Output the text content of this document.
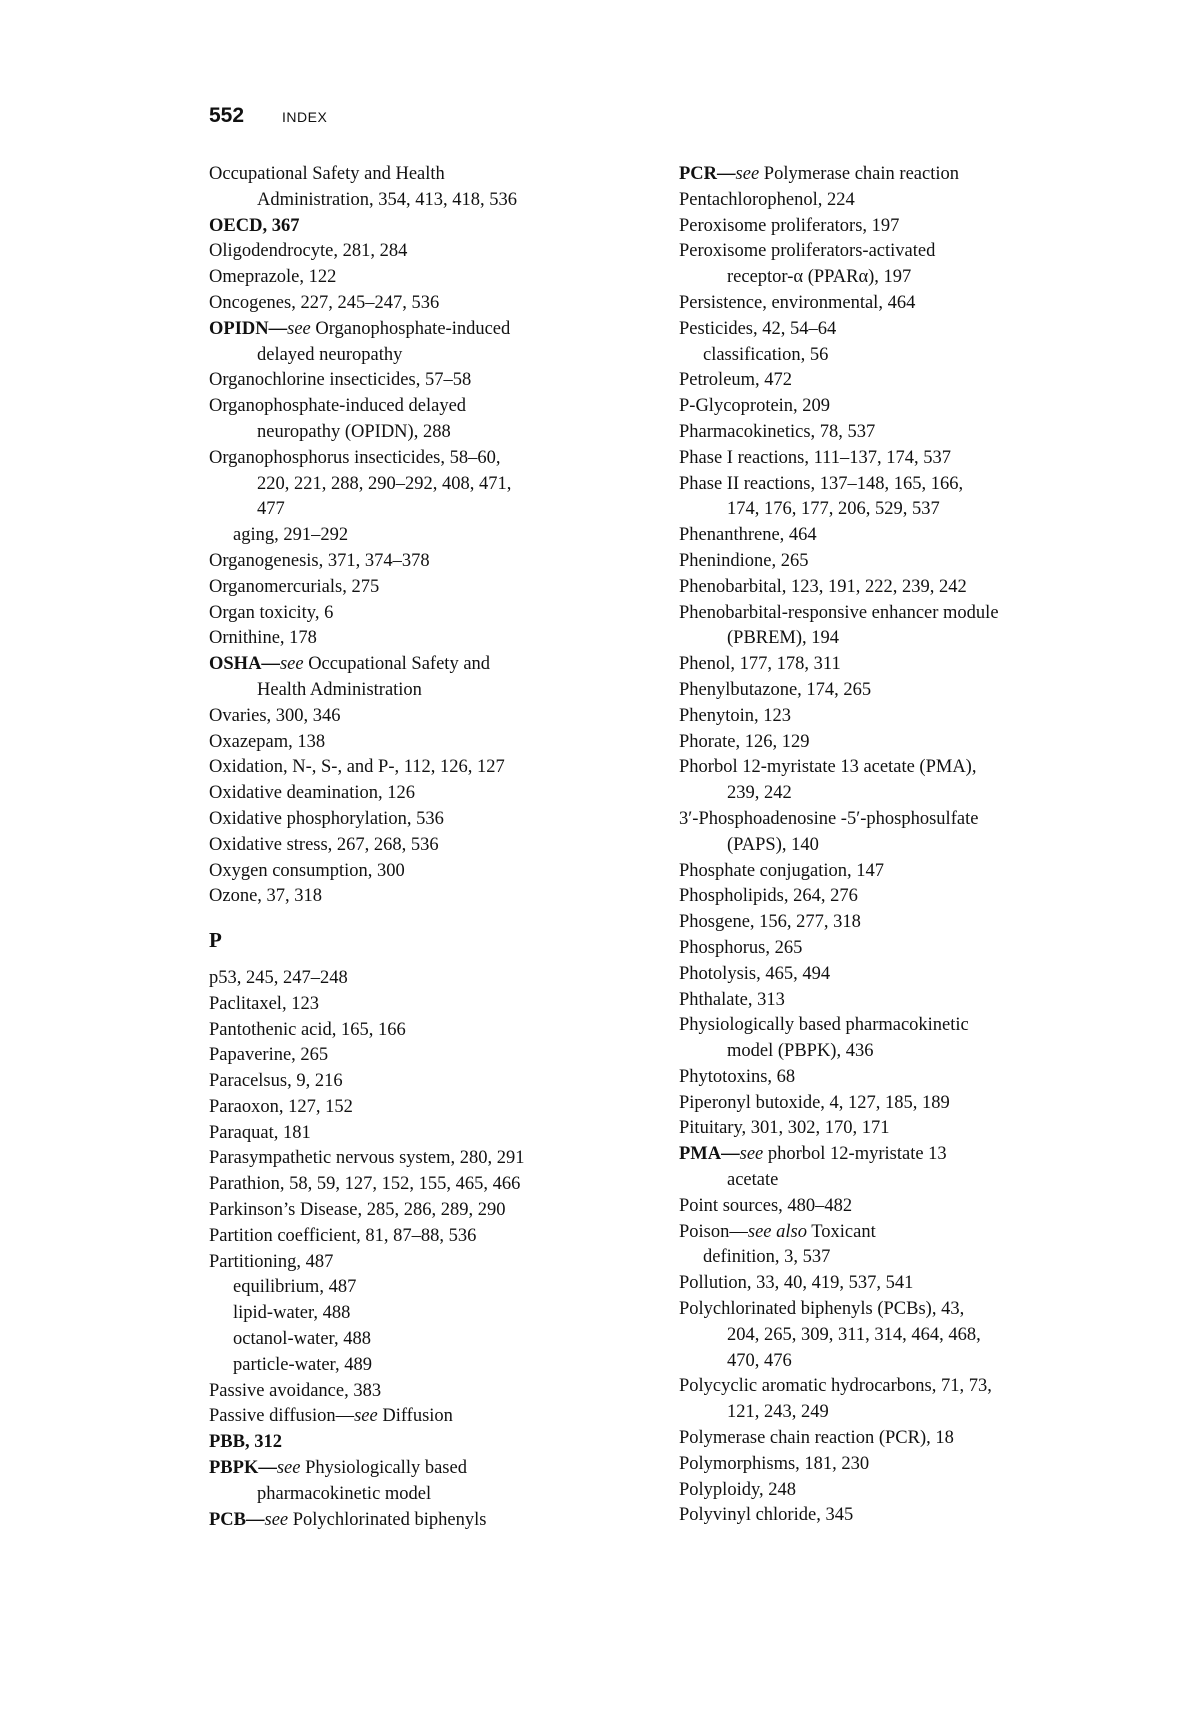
552	INDEX
Occupational Safety and Health
Administration, 354, 413, 418, 536
OECD, 367
Oligodendrocyte, 281, 284
Omeprazole, 122
Oncogenes, 227, 245–247, 536
OPIDN—see Organophosphate-induced
delayed neuropathy
Organochlorine insecticides, 57–58
Organophosphate-induced delayed
neuropathy (OPIDN), 288
Organophosphorus insecticides, 58–60,
220, 221, 288, 290–292, 408, 471,
477
aging, 291–292
Organogenesis, 371, 374–378
Organomercurials, 275
Organ toxicity, 6
Ornithine, 178
OSHA—see Occupational Safety and
Health Administration
Ovaries, 300, 346
Oxazepam, 138
Oxidation, N-, S-, and P-, 112, 126, 127
Oxidative deamination, 126
Oxidative phosphorylation, 536
Oxidative stress, 267, 268, 536
Oxygen consumption, 300
Ozone, 37, 318
P
p53, 245, 247–248
Paclitaxel, 123
Pantothenic acid, 165, 166
Papaverine, 265
Paracelsus, 9, 216
Paraoxon, 127, 152
Paraquat, 181
Parasympathetic nervous system, 280, 291
Parathion, 58, 59, 127, 152, 155, 465, 466
Parkinson’s Disease, 285, 286, 289, 290
Partition coefficient, 81, 87–88, 536
Partitioning, 487
equilibrium, 487
lipid-water, 488
octanol-water, 488
particle-water, 489
Passive avoidance, 383
Passive diffusion—see Diffusion
PBB, 312
PBPK—see Physiologically based
pharmacokinetic model
PCB—see Polychlorinated biphenyls
PCR—see Polymerase chain reaction
Pentachlorophenol, 224
Peroxisome proliferators, 197
Peroxisome proliferators-activated
receptor-α (PPARα), 197
Persistence, environmental, 464
Pesticides, 42, 54–64
classification, 56
Petroleum, 472
P-Glycoprotein, 209
Pharmacokinetics, 78, 537
Phase I reactions, 111–137, 174, 537
Phase II reactions, 137–148, 165, 166,
174, 176, 177, 206, 529, 537
Phenanthrene, 464
Phenindione, 265
Phenobarbital, 123, 191, 222, 239, 242
Phenobarbital-responsive enhancer module
(PBREM), 194
Phenol, 177, 178, 311
Phenylbutazone, 174, 265
Phenytoin, 123
Phorate, 126, 129
Phorbol 12-myristate 13 acetate (PMA),
239, 242
3′-Phosphoadenosine -5′-phosphosulfate
(PAPS), 140
Phosphate conjugation, 147
Phospholipids, 264, 276
Phosgene, 156, 277, 318
Phosphorus, 265
Photolysis, 465, 494
Phthalate, 313
Physiologically based pharmacokinetic
model (PBPK), 436
Phytotoxins, 68
Piperonyl butoxide, 4, 127, 185, 189
Pituitary, 301, 302, 170, 171
PMA—see phorbol 12-myristate 13
acetate
Point sources, 480–482
Poison—see also Toxicant
definition, 3, 537
Pollution, 33, 40, 419, 537, 541
Polychlorinated biphenyls (PCBs), 43,
204, 265, 309, 311, 314, 464, 468,
470, 476
Polycyclic aromatic hydrocarbons, 71, 73,
121, 243, 249
Polymerase chain reaction (PCR), 18
Polymorphisms, 181, 230
Polyploidy, 248
Polyvinyl chloride, 345
